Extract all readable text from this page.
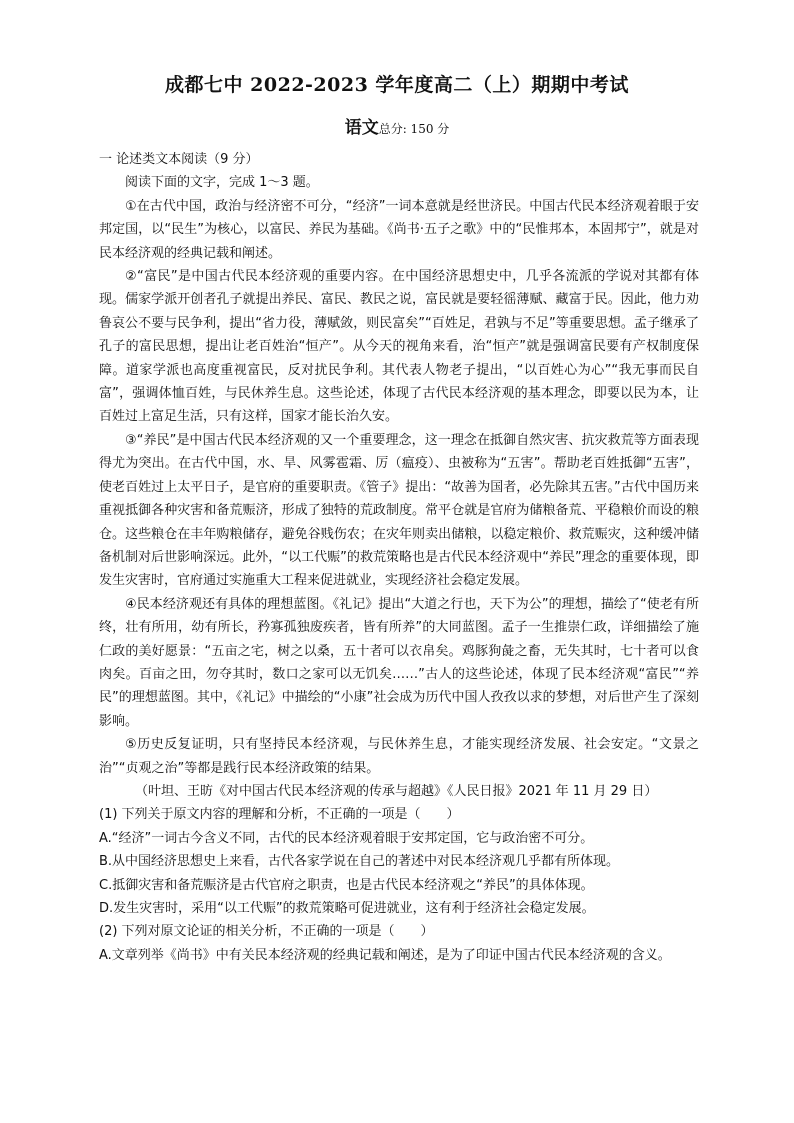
成都七中 2022-2023 学年度高二（上）期期中考试
语文总分: 150 分

一 论述类文本阅读（9 分）

阅读下面的文字，完成 1～3 题。

①在古代中国，政治与经济密不可分，“经济”一词本意就是经世济民。中国古代民本经济观着眼于安邦定国，以“民生”为核心，以富民、养民为基础。《尚书·五子之歌》中的“民惟邦本，本固邦宁”，就是对民本经济观的经典记载和阐述。

②“富民”是中国古代民本经济观的重要内容。在中国经济思想史中，几乎各流派的学说对其都有体现。儒家学派开创者孔子就提出养民、富民、教民之说，富民就是要轻徭薄赋、藏富于民。因此，他力劝鲁哀公不要与民争利，提出“省力役，薄赋敛，则民富矣”“百姓足，君孰与不足”等重要思想。孟子继承了孔子的富民思想，提出让老百姓治“恒产”。从今天的视角来看，治“恒产”就是强调富民要有产权制度保障。道家学派也高度重视富民，反对扰民争利。其代表人物老子提出，“以百姓心为心”“我无事而民自富”，强调体恤百姓，与民休养生息。这些论述，体现了古代民本经济观的基本理念，即要以民为本，让百姓过上富足生活，只有这样，国家才能长治久安。

③“养民”是中国古代民本经济观的又一个重要理念，这一理念在抵御自然灾害、抗灾救荒等方面表现得尤为突出。在古代中国，水、旱、风雾雹霜、厉（瘟疫）、虫被称为“五害”。帮助老百姓抵御“五害”，使老百姓过上太平日子，是官府的重要职责。《管子》提出：“故善为国者，必先除其五害。”古代中国历来重视抵御各种灾害和备荒赈济，形成了独特的荒政制度。常平仓就是官府为储粮备荒、平稳粮价而设的粮仓。这些粮仓在丰年购粮储存，避免谷贱伤农；在灾年则卖出储粮，以稳定粮价、救荒赈灾，这种缓冲储备机制对后世影响深远。此外，“以工代赈”的救荒策略也是古代民本经济观中“养民”理念的重要体现，即发生灾害时，官府通过实施重大工程来促进就业，实现经济社会稳定发展。

④民本经济观还有具体的理想蓝图。《礼记》提出“大道之行也，天下为公”的理想，描绘了“使老有所终，壮有所用，幼有所长，矜寡孤独废疾者，皆有所养”的大同蓝图。孟子一生推崇仁政，详细描绘了施仁政的美好愿景：“五亩之宅，树之以桑，五十者可以衣帛矣。鸡豚狗彘之畜，无失其时，七十者可以食肉矣。百亩之田，勿夺其时，数口之家可以无饥矣……”古人的这些论述，体现了民本经济观“富民”“养民”的理想蓝图。其中，《礼记》中描绘的“小康”社会成为历代中国人孜孜以求的梦想，对后世产生了深刻影响。

⑤历史反复证明，只有坚持民本经济观，与民休养生息，才能实现经济发展、社会安定。“文景之治”“贞观之治”等都是践行民本经济政策的结果。

（叶坦、王昉《对中国古代民本经济观的传承与超越》《人民日报》2021 年 11 月 29 日）

(1) 下列关于原文内容的理解和分析，不正确的一项是（　　）

A.“经济”一词古今含义不同，古代的民本经济观着眼于安邦定国，它与政治密不可分。

B.从中国经济思想史上来看，古代各家学说在自己的著述中对民本经济观几乎都有所体现。

C.抵御灾害和备荒赈济是古代官府之职责，也是古代民本经济观之“养民”的具体体现。

D.发生灾害时，采用“以工代赈”的救荒策略可促进就业，这有利于经济社会稳定发展。

(2) 下列对原文论证的相关分析，不正确的一项是（　　）

A.文章列举《尚书》中有关民本经济观的经典记载和阐述，是为了印证中国古代民本经济观的含义。
